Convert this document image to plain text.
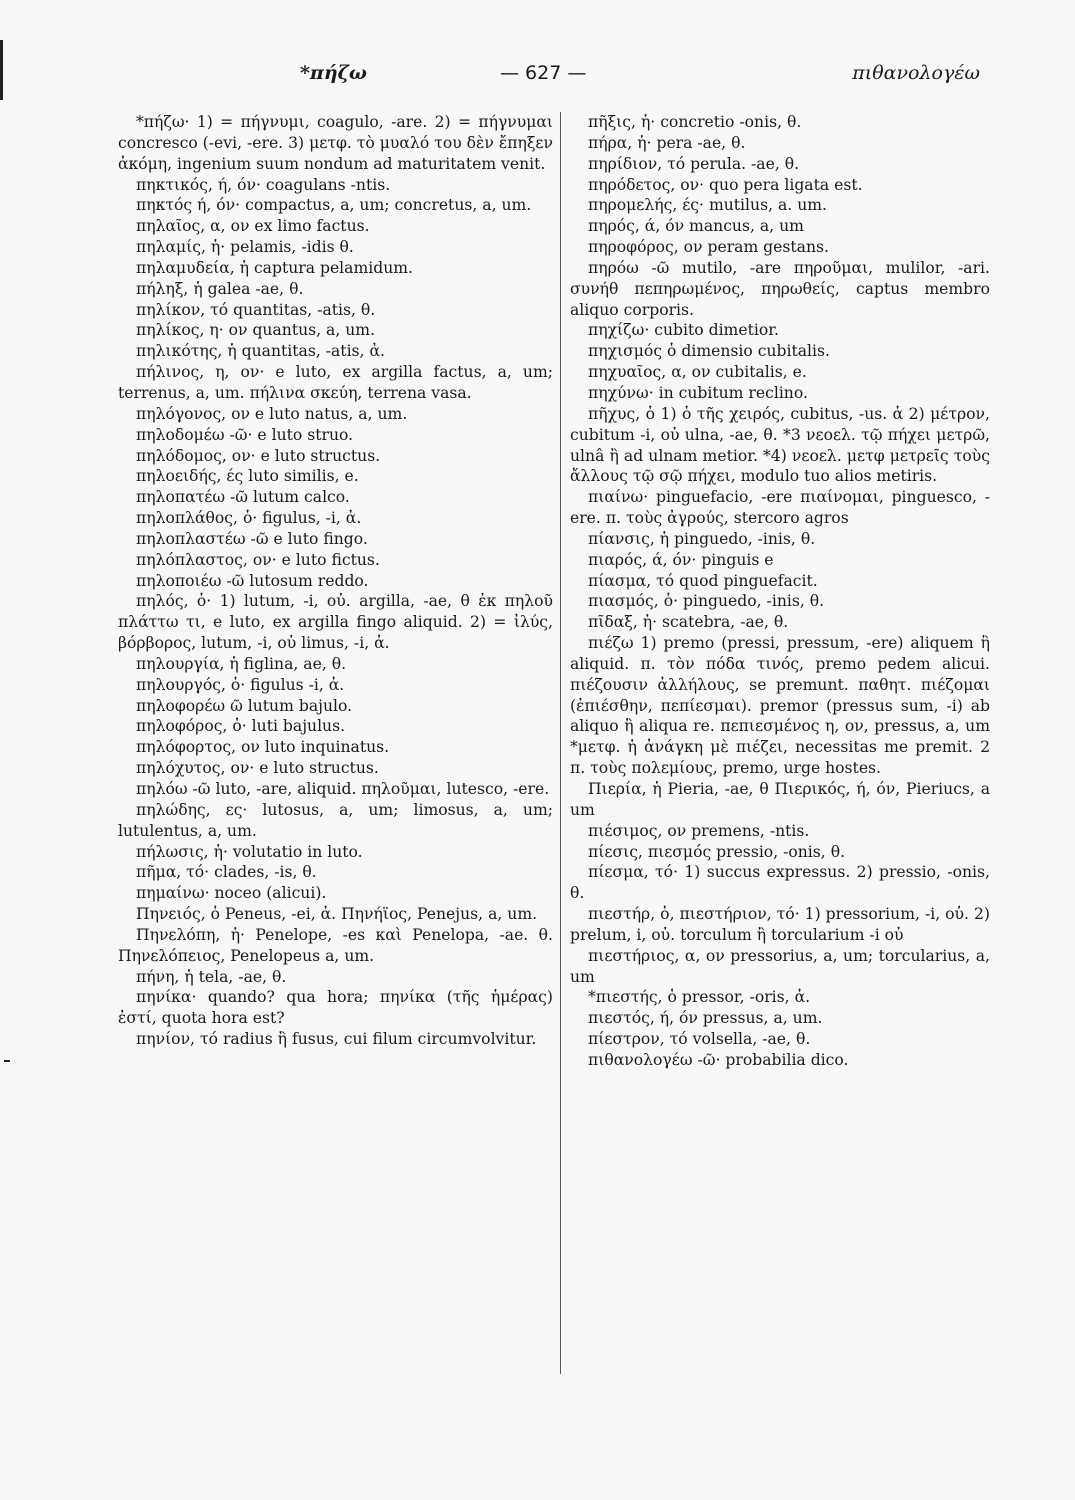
*πήζω	— 627 —	πιθανολογέω

*πήζω· 1) = πήγνυμι, coagulo, -are. 2) = πήγνυμαι concresco (-evi, -ere. 3) μετφ. τὸ μυαλό του δὲν ἔπηξεν ἀκόμη, ingenium suum nondum ad maturitatem venit.

πηκτικός, ή, όν· coagulans -ntis.

πηκτός ή, όν· compactus, a, um; concretus, a, um.

πηλαῖος, α, ον ex limo factus.

πηλαμίς, ἡ· pelamis, -idis θ.

πηλαμυδεία, ἡ captura pelamidum.

πήληξ, ἡ galea -ae, θ.

πηλίκον, τό quantitas, -atis, θ.

πηλίκος, η· ον quantus, a, um.

πηλικότης, ἡ quantitas, -atis, ἀ.

πήλινος, η, ον· e luto, ex argilla factus, a, um; terrenus, a, um. πήλινα σκεύη, terrena vasa.

πηλόγονος, ον e luto natus, a, um.

πηλοδομέω -ῶ· e luto struo.

πηλόδομος, ον· e luto structus.

πηλοειδής, ές luto similis, e.

πηλοπατέω -ῶ lutum calco.

πηλοπλάθος, ὁ· figulus, -i, ἀ.

πηλοπλαστέω -ῶ e luto fingo.

πηλόπλαστος, ον· e luto fictus.

πηλοποιέω -ῶ lutosum reddo.

πηλός, ὁ· 1) lutum, -i, οὐ. argilla, -ae, θ ἐκ πηλοῦ πλάττω τι, e luto, ex argilla fingo aliquid. 2) = ἰλύς, βόρβορος, lutum, -i, οὐ limus, -i, ἀ.

πηλουργία, ἡ figlina, ae, θ.

πηλουργός, ὁ· figulus -i, ἀ.

πηλοφορέω ῶ lutum bajulo.

πηλοφόρος, ὁ· luti bajulus.

πηλόφορτος, ον luto inquinatus.

πηλόχυτος, ον· e luto structus.

πηλόω -ῶ luto, -are, aliquid. πηλοῦμαι, lutesco, -ere.

πηλώδης, ες· lutosus, a, um; limosus, a, um; lutulentus, a, um.

πήλωσις, ἡ· volutatio in luto.

πῆμα, τό· clades, -is, θ.

πημαίνω· noceo (alicui).

Πηνειός, ὁ Peneus, -ei, ἀ. Πηνήϊος, Penejus, a, um.

Πηνελόπη, ἡ· Penelope, -es καὶ Penelopa, -ae. θ. Πηνελόπειος, Penelopeus a, um.

πήνη, ἡ tela, -ae, θ.

πηνίκα· quando? qua hora; πηνίκα (τῆς ἡμέρας) ἐστί, quota hora est?

πηνίον, τό radius ἢ fusus, cui filum circumvolvitur.

πῆξις, ἡ· concretio -onis, θ.

πήρα, ἡ· pera -ae, θ.

πηρίδιον, τό perula. -ae, θ.

πηρόδετος, ον· quo pera ligata est.

πηρομελής, ές· mutilus, a. um.

πηρός, ά, όν mancus, a, um

πηροφόρος, ον peram gestans.

πηρόω -ῶ mutilo, -are πηροῦμαι, mulilor, -ari. συνήθ πεπηρωμένος, πηρωθείς, captus membro aliquo corporis.

πηχίζω· cubito dimetior.

πηχισμός ὁ dimensio cubitalis.

πηχυαῖος, α, ον cubitalis, e.

πηχύνω· in cubitum reclino.

πῆχυς, ὁ 1) ὁ τῆς χειρός, cubitus, -us. ἀ 2) μέτρον, cubitum -i, οὐ ulna, -ae, θ. *3 νεοελ. τῷ πήχει μετρῶ, ulnâ ἢ ad ulnam metior. *4) νεοελ. μετφ μετρεῖς τοὺς ἄλλους τῷ σῷ πήχει, modulo tuo alios metiris.

πιαίνω· pinguefacio, -ere πιαίνομαι, pinguesco, -ere. π. τοὺς ἀγρούς, stercoro agros

πίανσις, ἡ pinguedo, -inis, θ.

πιαρός, ά, όν· pinguis e

πίασμα, τό quod pinguefacit.

πιασμός, ὁ· pinguedo, -inis, θ.

πῖδαξ, ἡ· scatebra, -ae, θ.

πιέζω 1) premo (pressi, pressum, -ere) aliquem ἢ aliquid. π. τὸν πόδα τινός, premo pedem alicui. πιέζουσιν ἀλλήλους, se premunt. παθητ. πιέζομαι (ἐπιέσθην, πεπίεσμαι). premor (pressus sum, -i) ab aliquo ἢ aliqua re. πεπιεσμένος η, ον, pressus, a, um *μετφ. ἡ ἀνάγκη μὲ πιέζει, necessitas me premit. 2 π. τοὺς πολεμίους, premo, urge hostes.

Πιερία, ἡ Pieria, -ae, θ Πιερικός, ή, όν, Pieriucs, a um

πιέσιμος, ον premens, -ntis.

πίεσις, πιεσμός pressio, -onis, θ.

πίεσμα, τό· 1) succus expressus. 2) pressio, -onis, θ.

πιεστήρ, ὁ, πιεστήριον, τό· 1) pressorium, -i, οὐ. 2) prelum, i, οὐ. torculum ἢ torcularium -i οὐ

πιεστήριος, α, ον pressorius, a, um; torcularius, a, um

*πιεστής, ὁ pressor, -oris, ἀ.

πιεστός, ή, όν pressus, a, um.

πίεστρον, τό volsella, -ae, θ.

πιθανολογέω -ῶ· probabilia dico.
